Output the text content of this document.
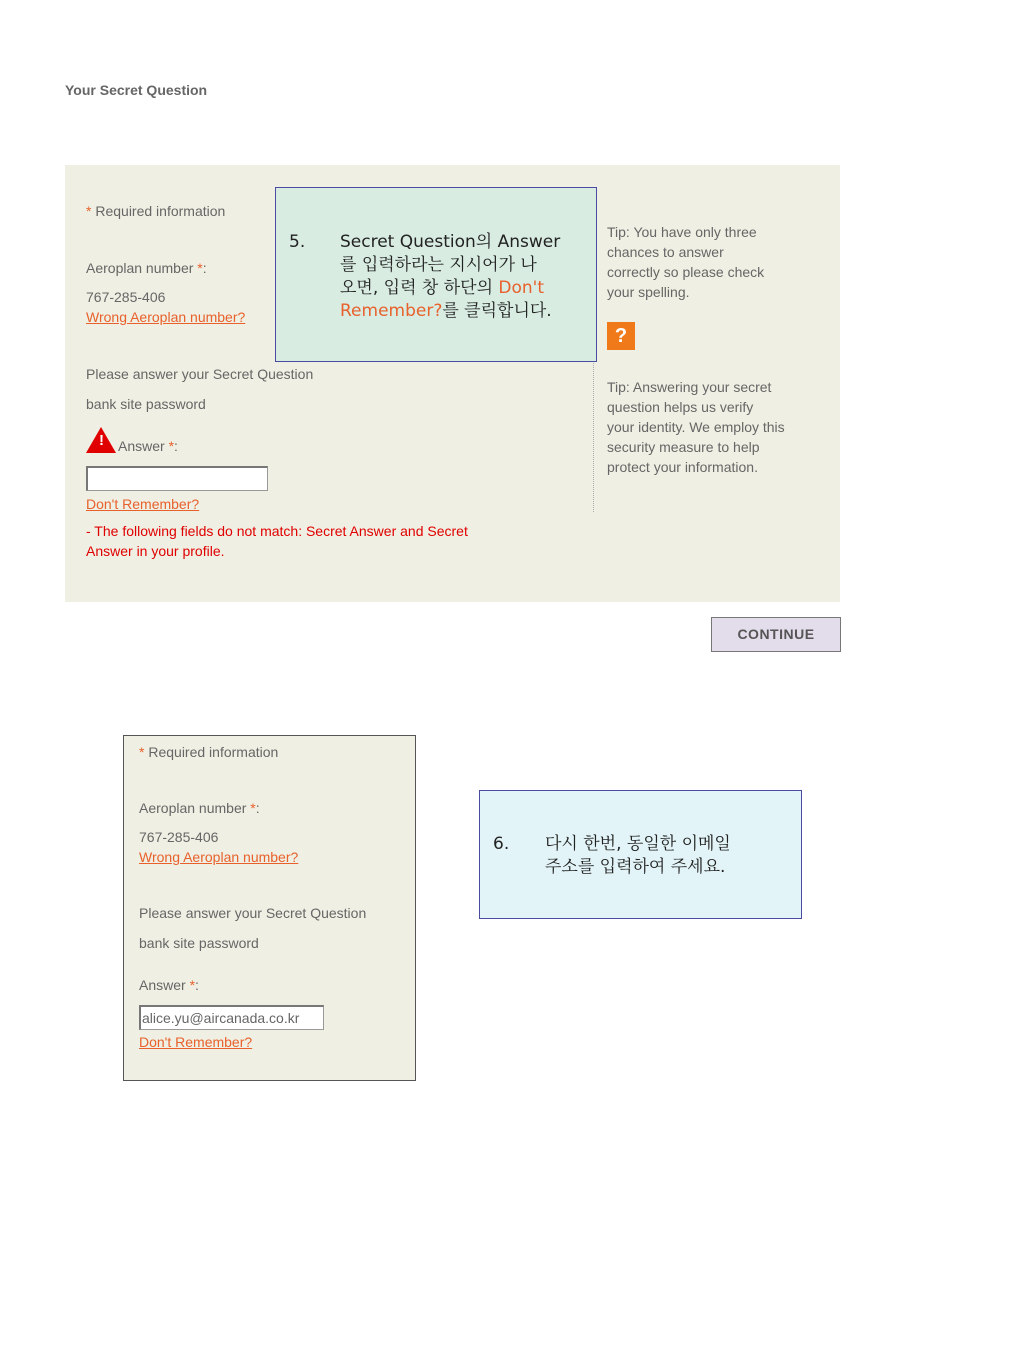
Your Secret Question
* Required information
Aeroplan number *:
767-285-406
Wrong Aeroplan number?
Please answer your Secret Question
bank site password
! Answer *:
Don't Remember?
- The following fields do not match: Secret Answer and Secret
Answer in your profile.
Tip: You have only three
chances to answer
correctly so please check
your spelling.
?
Tip: Answering your secret
question helps us verify
your identity. We employ this
security measure to help
protect your information.
5. Secret Question의 Answer
를 입력하라는 지시어가 나
오면, 입력 창 하단의 Don't
Remember?를 클릭합니다.
CONTINUE
* Required information
Aeroplan number *:
767-285-406
Wrong Aeroplan number?
Please answer your Secret Question
bank site password
Answer *:
alice.yu@aircanada.co.kr
Don't Remember?
6. 다시 한번, 동일한 이메일
주소를 입력하여 주세요.
